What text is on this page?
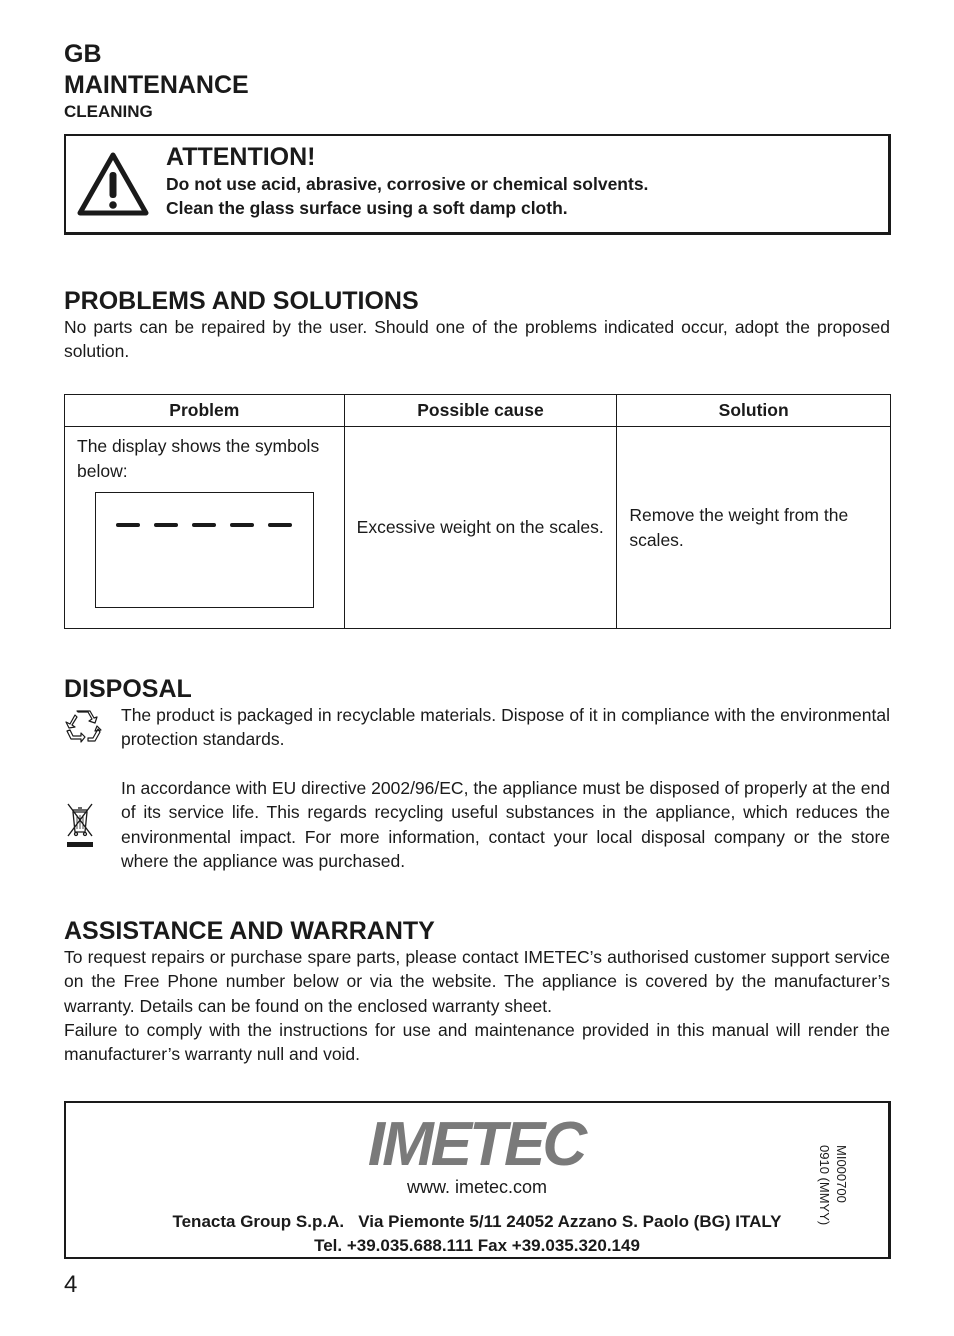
GB
MAINTENANCE
CLEANING
ATTENTION!
Do not use acid, abrasive, corrosive or chemical solvents.
Clean the glass surface using a soft damp cloth.
PROBLEMS AND SOLUTIONS
No parts can be repaired by the user. Should one of the problems indicated occur, adopt the proposed solution.
Problem	Possible cause	Solution

The display shows the symbols below:	Excessive weight on the scales.	Remove the weight from the scales.
DISPOSAL
The product is packaged in recyclable materials. Dispose of it in compliance with the environmental protection standards.
In accordance with EU directive 2002/96/EC, the appliance must be disposed of properly at the end of its service life. This regards recycling useful substances in the appliance, which reduces the environmental impact. For more information, contact your local disposal company or the store where the appliance was purchased.
ASSISTANCE AND WARRANTY
To request repairs or purchase spare parts, please contact IMETEC’s authorised customer support service on the Free Phone number below or via the website. The appliance is covered by the manufacturer’s warranty. Details can be found on the enclosed warranty sheet.
Failure to comply with the instructions for use and maintenance provided in this manual will render the manufacturer’s warranty null and void.
IMETEC
www. imetec.com
Tenacta Group S.p.A.   Via Piemonte 5/11 24052 Azzano S. Paolo (BG) ITALY
Tel. +39.035.688.111 Fax +39.035.320.149
MI000700
0910 (MMYY)
4
